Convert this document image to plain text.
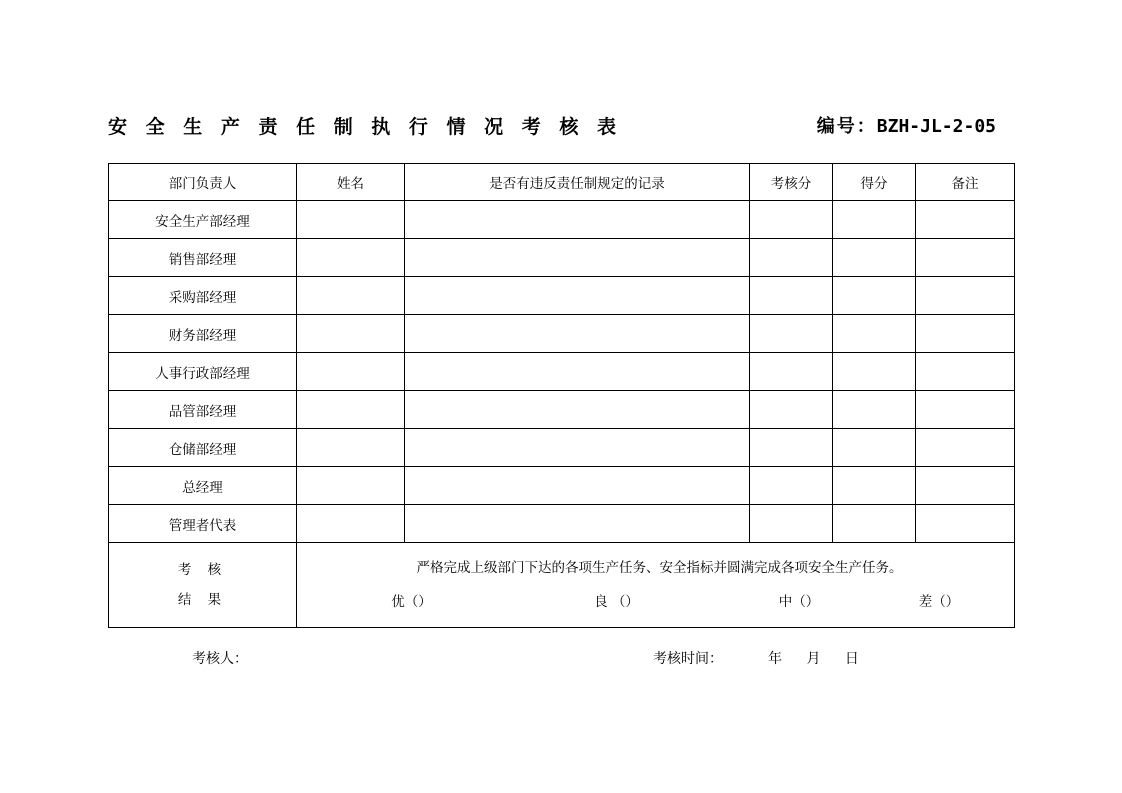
安 全 生 产 责 任 制 执 行 情 况 考 核 表	编号：BZH-JL-2-05
部门负责人	姓名	是否有违反责任制规定的记录	考核分	得分	备注
安全生产部经理					
销售部经理					
采购部经理					
财务部经理					
人事行政部经理					
品管部经理					
仓储部经理					
总经理					
管理者代表					

考 核
结 果

严格完成上级部门下达的各项生产任务、安全指标并圆满完成各项安全生产任务。
优（）	良 （）	中（）	差（）
考核人：	考核时间：	年 月 日
